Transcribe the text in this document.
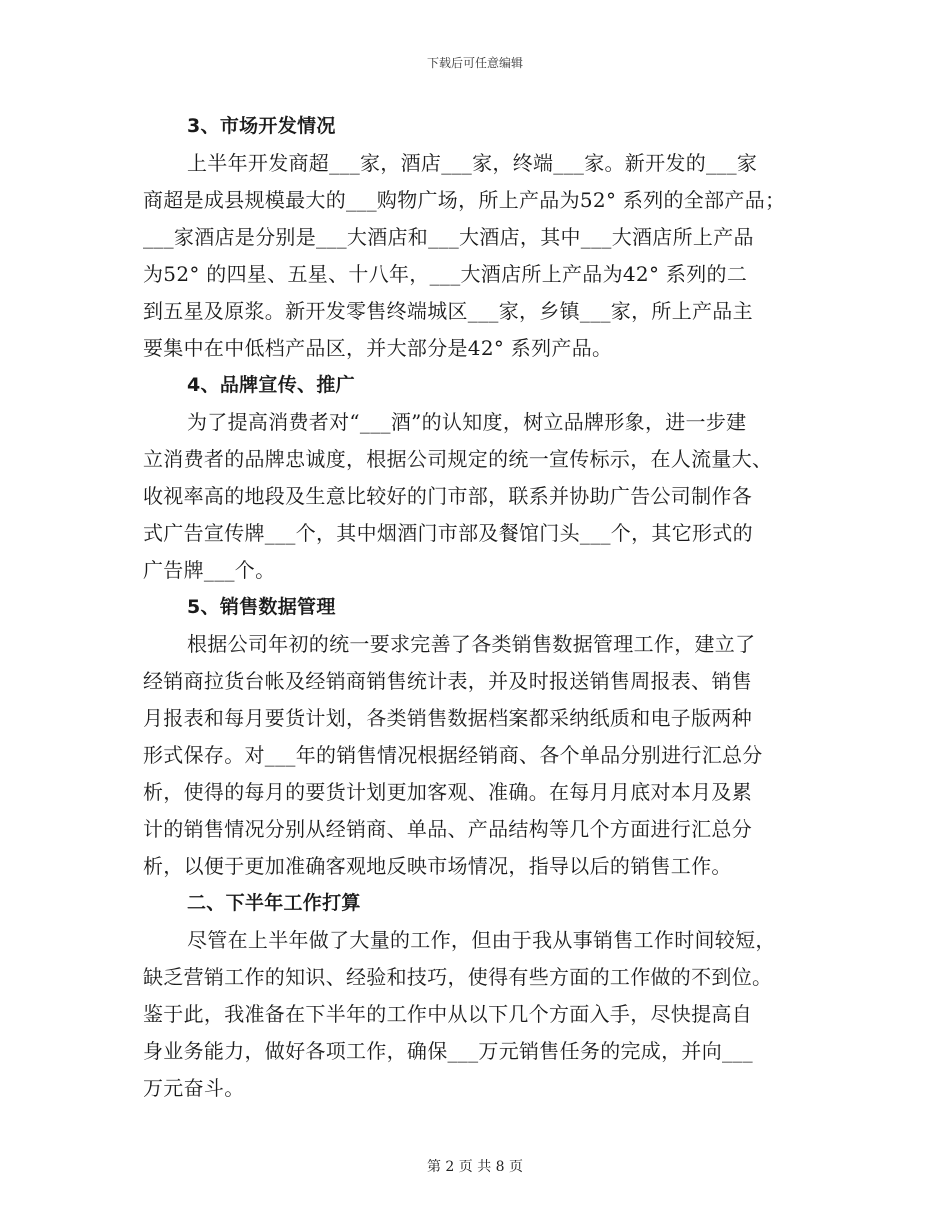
下载后可任意编辑
3、市场开发情况
上半年开发商超___家，酒店___家，终端___家。新开发的___家
商超是成县规模最大的___购物广场，所上产品为52° 系列的全部产品；
___家酒店是分别是___大酒店和___大酒店，其中___大酒店所上产品
为52° 的四星、五星、十八年，___大酒店所上产品为42° 系列的二
到五星及原浆。新开发零售终端城区___家，乡镇___家，所上产品主
要集中在中低档产品区，并大部分是42° 系列产品。
4、品牌宣传、推广
为了提高消费者对“___酒”的认知度，树立品牌形象，进一步建
立消费者的品牌忠诚度，根据公司规定的统一宣传标示，在人流量大、
收视率高的地段及生意比较好的门市部，联系并协助广告公司制作各
式广告宣传牌___个，其中烟酒门市部及餐馆门头___个，其它形式的
广告牌___个。
5、销售数据管理
根据公司年初的统一要求完善了各类销售数据管理工作，建立了
经销商拉货台帐及经销商销售统计表，并及时报送销售周报表、销售
月报表和每月要货计划，各类销售数据档案都采纳纸质和电子版两种
形式保存。对___年的销售情况根据经销商、各个单品分别进行汇总分
析，使得的每月的要货计划更加客观、准确。在每月月底对本月及累
计的销售情况分别从经销商、单品、产品结构等几个方面进行汇总分
析，以便于更加准确客观地反映市场情况，指导以后的销售工作。
二、下半年工作打算
尽管在上半年做了大量的工作，但由于我从事销售工作时间较短，
缺乏营销工作的知识、经验和技巧，使得有些方面的工作做的不到位。
鉴于此，我准备在下半年的工作中从以下几个方面入手，尽快提高自
身业务能力，做好各项工作，确保___万元销售任务的完成，并向___
万元奋斗。
第 2 页 共 8 页
